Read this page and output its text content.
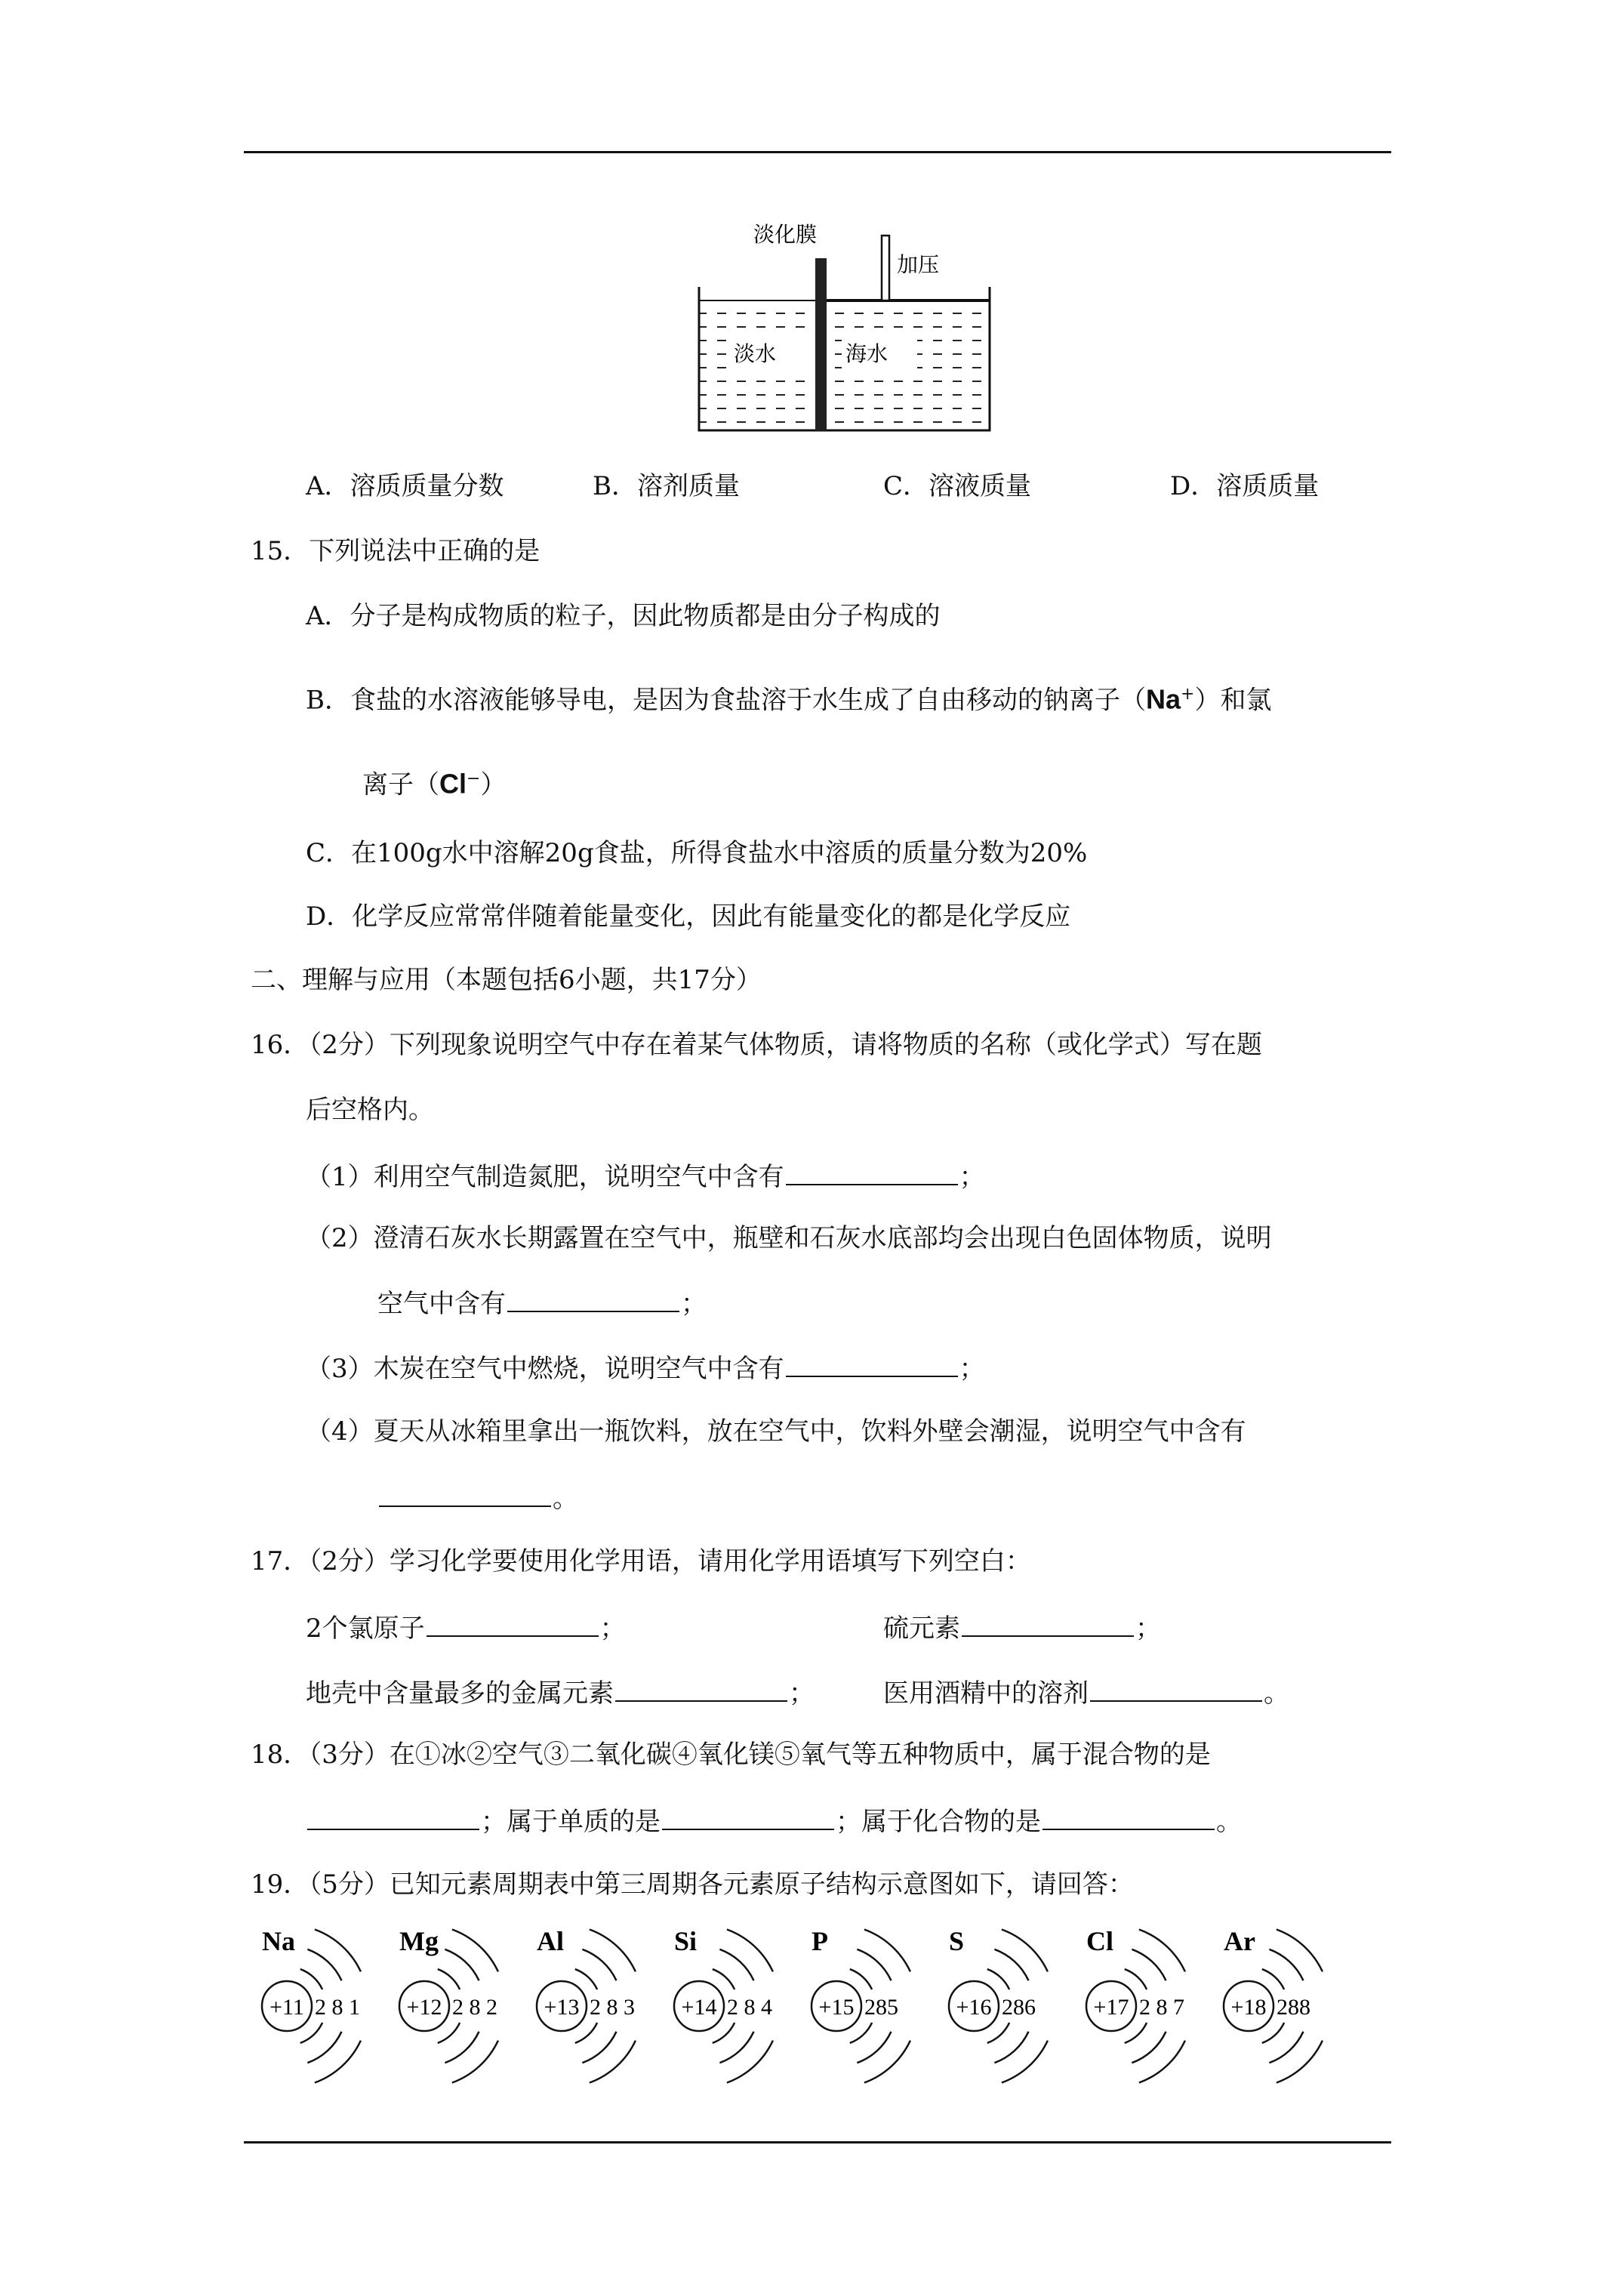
淡化膜
加压
淡水	海水
A．溶质质量分数	B．溶剂质量	C．溶液质量	D．溶质质量
15．下列说法中正确的是
A．分子是构成物质的粒子，因此物质都是由分子构成的
B．食盐的水溶液能够导电，是因为食盐溶于水生成了自由移动的钠离子（Na+）和氯
离子（Cl−）
C．在100g水中溶解20g食盐，所得食盐水中溶质的质量分数为20%
D．化学反应常常伴随着能量变化，因此有能量变化的都是化学反应
二、理解与应用（本题包括6小题，共17分）
16．（2分）下列现象说明空气中存在着某气体物质，请将物质的名称（或化学式）写在题
后空格内。
（1）利用空气制造氮肥，说明空气中含有	；
（2）澄清石灰水长期露置在空气中，瓶壁和石灰水底部均会出现白色固体物质，说明
空气中含有	；
（3）木炭在空气中燃烧，说明空气中含有	；
（4）夏天从冰箱里拿出一瓶饮料，放在空气中，饮料外壁会潮湿，说明空气中含有
。
17．（2分）学习化学要使用化学用语，请用化学用语填写下列空白：
2个氯原子	；	硫元素	；
地壳中含量最多的金属元素	；	医用酒精中的溶剂	。
18．（3分）在①冰②空气③二氧化碳④氧化镁⑤氧气等五种物质中，属于混合物的是
；属于单质的是	；属于化合物的是	。
19．（5分）已知元素周期表中第三周期各元素原子结构示意图如下，请回答：
Na
+11 2 8 1
Mg
+12 2 8 2
Al
+13 2 8 3
Si
+14 2 8 4
P
+15 285
S
+16 286
Cl
+17 2 8 7
Ar
+18 288
